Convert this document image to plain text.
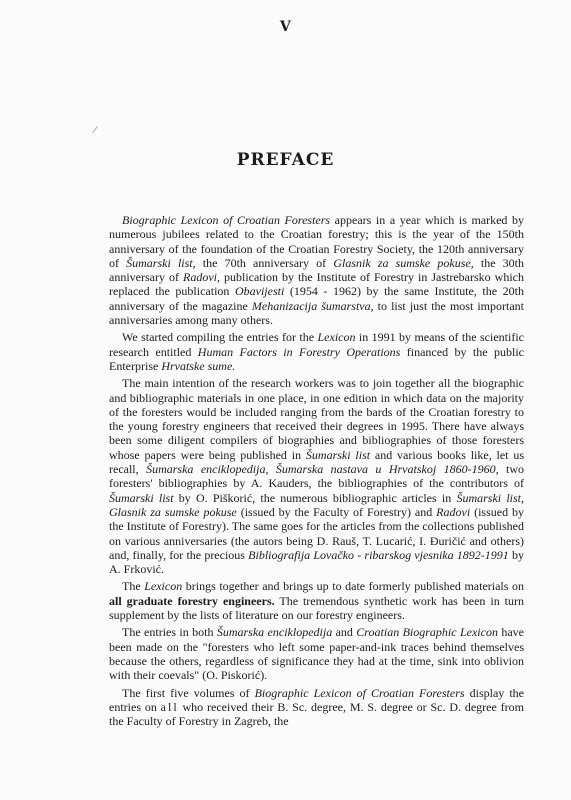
/
V
PREFACE

Biographic Lexicon of Croatian Foresters appears in a year which is marked by numerous jubilees related to the Croatian forestry; this is the year of the 150th anniversary of the foundation of the Croatian Forestry Society, the 120th anniversary of Šumarski list, the 70th anniversary of Glasnik za sumske pokuse, the 30th anniversary of Radovi, publication by the Institute of Forestry in Jastrebarsko which replaced the publication Obavijesti (1954 - 1962) by the same Institute, the 20th anniversary of the magazine Mehanizacija šumarstva, to list just the most important anniversaries among many others.

We started compiling the entries for the Lexicon in 1991 by means of the scientific research entitled Human Factors in Forestry Operations financed by the public Enterprise Hrvatske sume.

The main intention of the research workers was to join together all the biographic and bibliographic materials in one place, in one edition in which data on the majority of the foresters would be included ranging from the bards of the Croatian forestry to the young forestry engineers that received their degrees in 1995. There have always been some diligent compilers of biographies and bibliographies of those foresters whose papers were being published in Šumarski list and various books like, let us recall, Šumarska enciklopedija, Šumarska nastava u Hrvatskoj 1860-1960, two foresters' bibliographies by A. Kauders, the bibliographies of the contributors of Šumarski list by O. Piškorić, the numerous bibliographic articles in Šumarski list, Glasnik za sumske pokuse (issued by the Faculty of Forestry) and Radovi (issued by the Institute of Forestry). The same goes for the articles from the collections published on various anniversaries (the autors being D. Rauš, T. Lucarić, I. Đuričić and others) and, finally, for the precious Bibliografija Lovačko - ribarskog vjesnika 1892-1991 by A. Frković.

The Lexicon brings together and brings up to date formerly published materials on all graduate forestry engineers. The tremendous synthetic work has been in turn supplement by the lists of literature on our forestry engineers.

The entries in both Šumarska enciklopedija and Croatian Biographic Lexicon have been made on the "foresters who left some paper-and-ink traces behind themselves because the others, regardless of significance they had at the time, sink into oblivion with their coevals" (O. Piskorić).

The first five volumes of Biographic Lexicon of Croatian Foresters display the entries on all who received their B. Sc. degree, M. S. degree or Sc. D. degree from the Faculty of Forestry in Zagreb, the
